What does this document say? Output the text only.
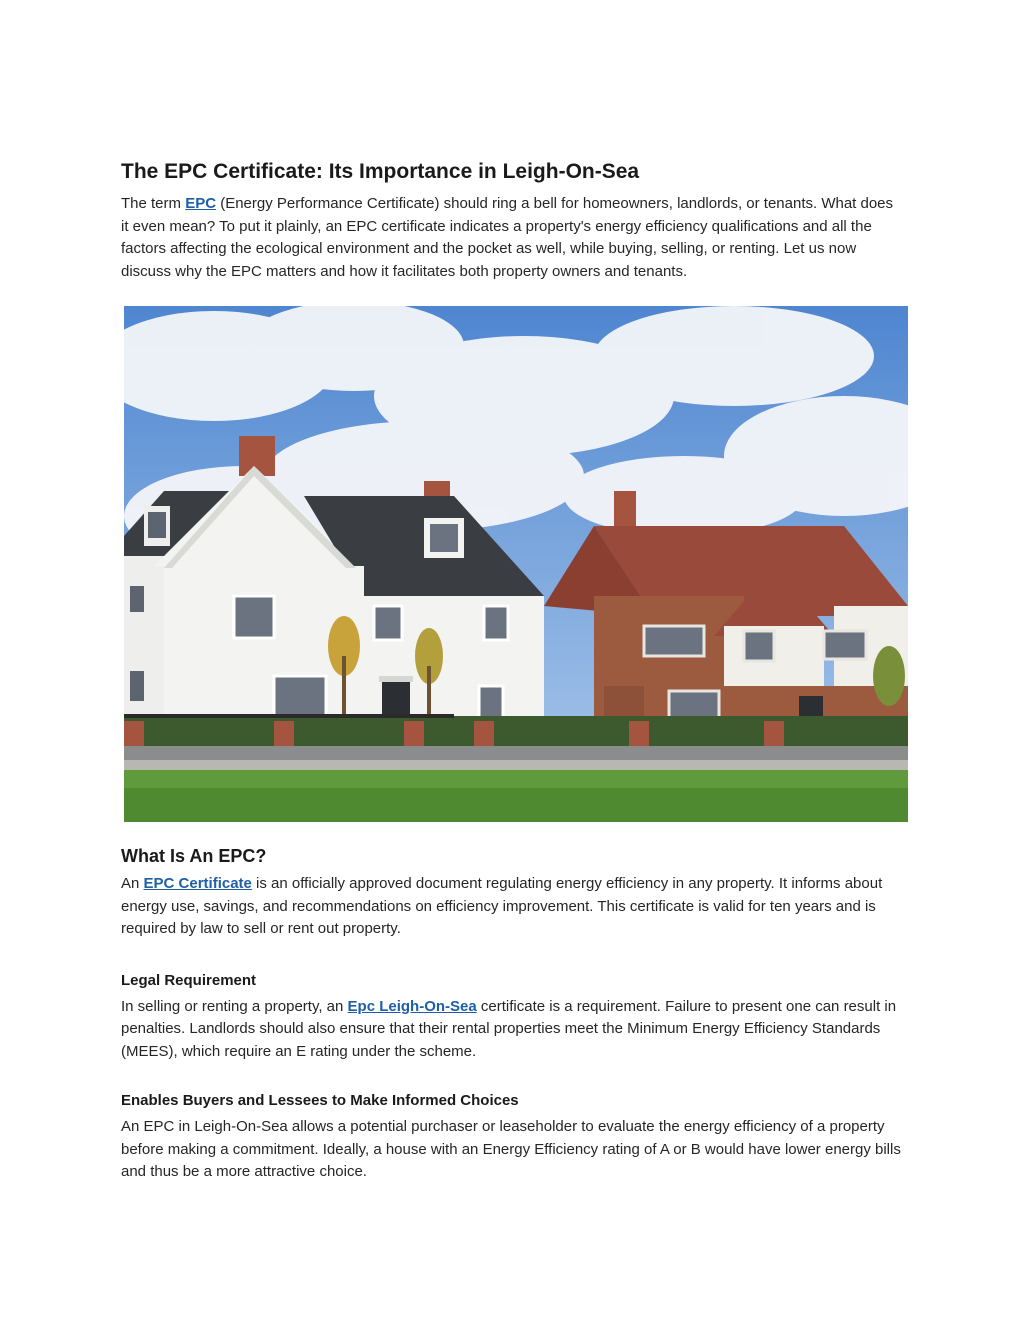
The EPC Certificate: Its Importance in Leigh-On-Sea

The term EPC (Energy Performance Certificate) should ring a bell for homeowners, landlords, or tenants. What does it even mean? To put it plainly, an EPC certificate indicates a property's energy efficiency qualifications and all the factors affecting the ecological environment and the pocket as well, while buying, selling, or renting. Let us now discuss why the EPC matters and how it facilitates both property owners and tenants.

What Is An EPC?

An EPC Certificate is an officially approved document regulating energy efficiency in any property. It informs about energy use, savings, and recommendations on efficiency improvement. This certificate is valid for ten years and is required by law to sell or rent out property.

Legal Requirement

In selling or renting a property, an Epc Leigh-On-Sea certificate is a requirement. Failure to present one can result in penalties. Landlords should also ensure that their rental properties meet the Minimum Energy Efficiency Standards (MEES), which require an E rating under the scheme.

Enables Buyers and Lessees to Make Informed Choices

An EPC in Leigh-On-Sea allows a potential purchaser or leaseholder to evaluate the energy efficiency of a property before making a commitment. Ideally, a house with an Energy Efficiency rating of A or B would have lower energy bills and thus be a more attractive choice.
